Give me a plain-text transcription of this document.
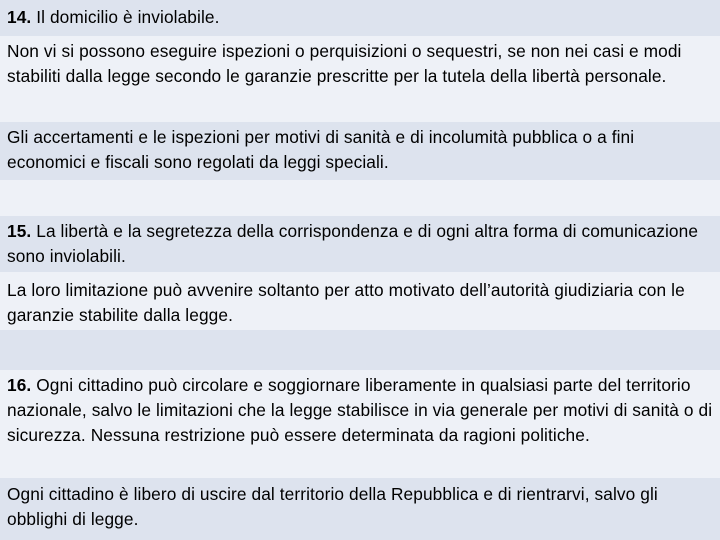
14. Il domicilio è inviolabile.
Non vi si possono eseguire ispezioni o perquisizioni o sequestri, se non nei casi e modi stabiliti dalla legge secondo le garanzie prescritte per la tutela della libertà personale.
Gli accertamenti e le ispezioni per motivi di sanità e di incolumità pubblica o a fini economici e fiscali sono regolati da leggi speciali.
15. La libertà e la segretezza della corrispondenza e di ogni altra forma di comunicazione sono inviolabili.
La loro limitazione può avvenire soltanto per atto motivato dell’autorità giudiziaria con le garanzie stabilite dalla legge.
16. Ogni cittadino può circolare e soggiornare liberamente in qualsiasi parte del territorio nazionale, salvo le limitazioni che la legge stabilisce in via generale per motivi di sanità o di sicurezza. Nessuna restrizione può essere determinata da ragioni politiche.
Ogni cittadino è libero di uscire dal territorio della Repubblica e di rientrarvi, salvo gli obblighi di legge.
